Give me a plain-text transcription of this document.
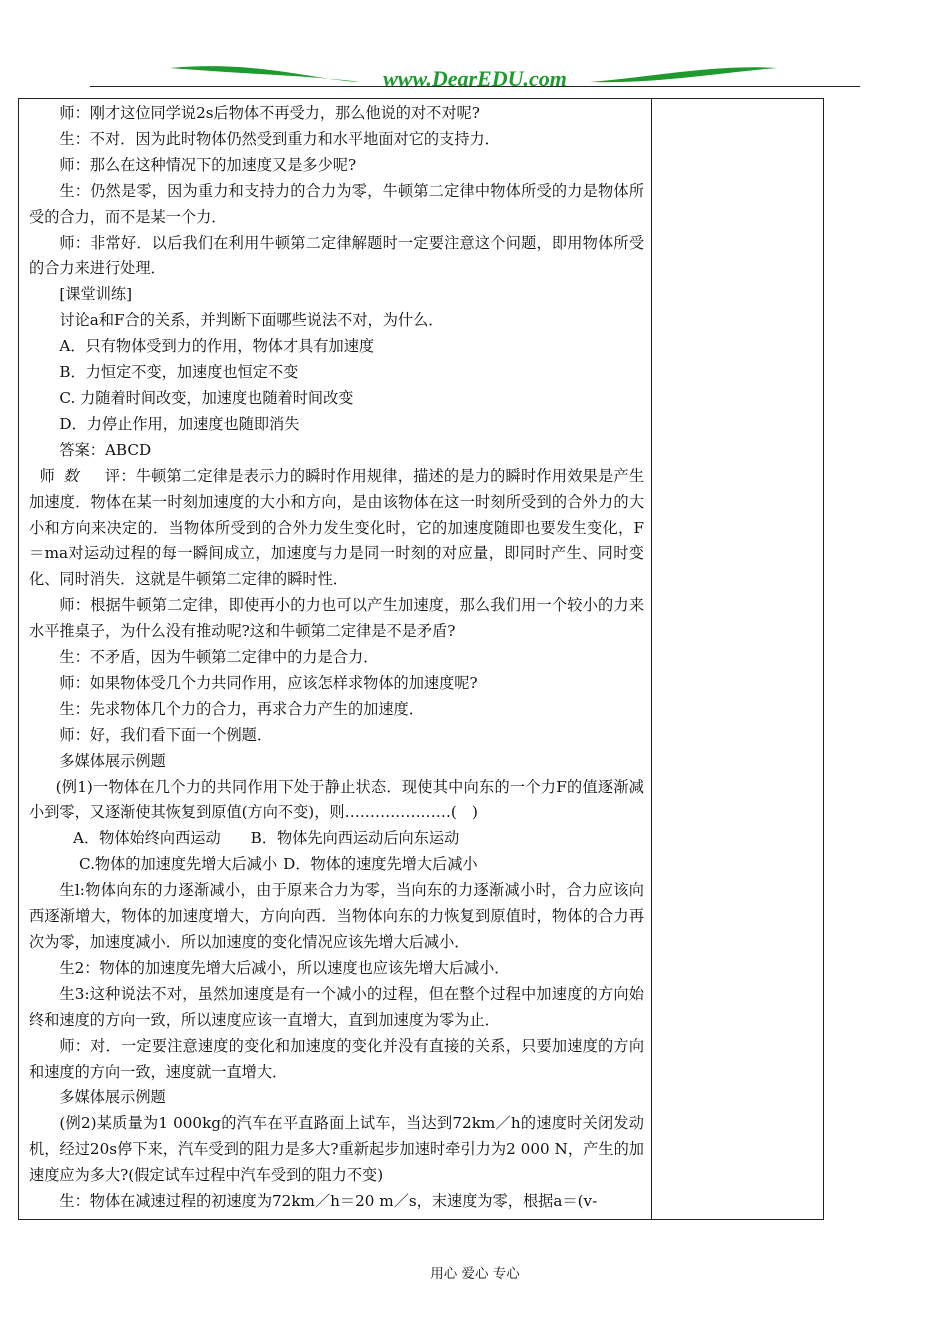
www.DearEDU.com

师：刚才这位同学说2s后物体不再受力，那么他说的对不对呢?

生：不对．因为此时物体仍然受到重力和水平地面对它的支持力．

师：那么在这种情况下的加速度又是多少呢?

生：仍然是零，因为重力和支持力的合力为零，牛顿第二定律中物体所受的力是物体所受的合力，而不是某一个力．

师：非常好．以后我们在利用牛顿第二定律解题时一定要注意这个问题，即用物体所受的合力来进行处理．

[课堂训练]

讨论a和F合的关系，并判断下面哪些说法不对，为什么．

A．只有物体受到力的作用，物体才具有加速度

B．力恒定不变，加速度也恒定不变

C. 力随着时间改变，加速度也随着时间改变

D．力停止作用，加速度也随即消失

答案：ABCD

师 数 评：牛顿第二定律是表示力的瞬时作用规律，描述的是力的瞬时作用效果是产生加速度．物体在某一时刻加速度的大小和方向，是由该物体在这一时刻所受到的合外力的大小和方向来决定的．当物体所受到的合外力发生变化时，它的加速度随即也要发生变化，F＝ma对运动过程的每一瞬间成立，加速度与力是同一时刻的对应量，即同时产生、同时变化、同时消失．这就是牛顿第二定律的瞬时性．

师：根据牛顿第二定律，即使再小的力也可以产生加速度，那么我们用一个较小的力来水平推桌子，为什么没有推动呢?这和牛顿第二定律是不是矛盾?

生：不矛盾，因为牛顿第二定律中的力是合力．

师：如果物体受几个力共同作用，应该怎样求物体的加速度呢?

生：先求物体几个力的合力，再求合力产生的加速度．

师：好，我们看下面一个例题．

多媒体展示例题

(例1)一物体在几个力的共同作用下处于静止状态．现使其中向东的一个力F的值逐渐减小到零，又逐渐使其恢复到原值(方向不变)，则…………………(　)

A．物体始终向西运动 B．物体先向西运动后向东运动

C.物体的加速度先增大后减小 D．物体的速度先增大后减小

生l:物体向东的力逐渐减小，由于原来合力为零，当向东的力逐渐减小时，合力应该向西逐渐增大，物体的加速度增大，方向向西．当物体向东的力恢复到原值时，物体的合力再次为零，加速度减小．所以加速度的变化情况应该先增大后减小．

生2：物体的加速度先增大后减小，所以速度也应该先增大后减小．

生3:这种说法不对，虽然加速度是有一个减小的过程，但在整个过程中加速度的方向始终和速度的方向一致，所以速度应该一直增大，直到加速度为零为止．

师：对．一定要注意速度的变化和加速度的变化并没有直接的关系，只要加速度的方向和速度的方向一致，速度就一直增大．

多媒体展示例题

(例2)某质量为1 000kg的汽车在平直路面上试车，当达到72km／h的速度时关闭发动机，经过20s停下来，汽车受到的阻力是多大?重新起步加速时牵引力为2 000 N，产生的加速度应为多大?(假定试车过程中汽车受到的阻力不变)

生：物体在减速过程的初速度为72km／h＝20 m／s，末速度为零，根据a＝(v-

用心 爱心 专心
